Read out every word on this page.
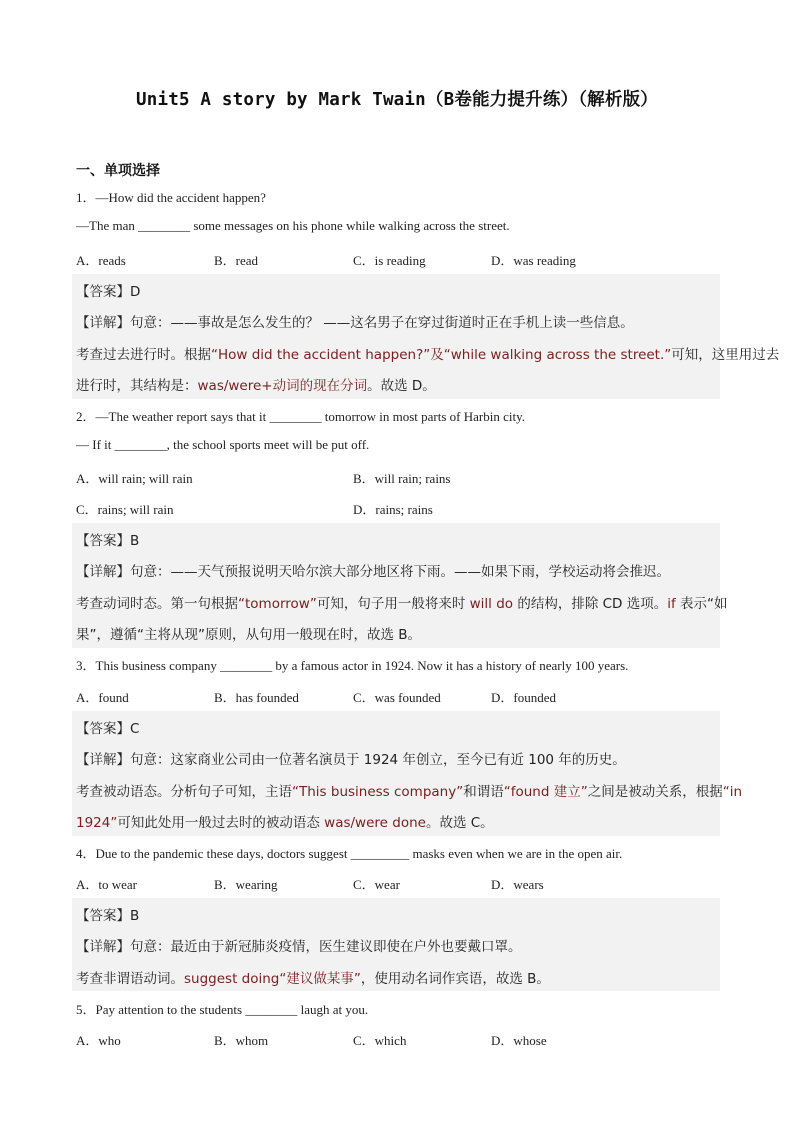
Unit5 A story by Mark Twain（B卷能力提升练）（解析版）
一、单项选择
1．—How did the accident happen?
—The man ________ some messages on his phone while walking across the street.
A．reads	B．read	C．is reading	D．was reading
【答案】D
【详解】句意：——事故是怎么发生的？ ——这名男子在穿过街道时正在手机上读一些信息。
考查过去进行时。根据“How did the accident happen?”及“while walking across the street.”可知，这里用过去
进行时，其结构是：was/were+动词的现在分词。故选 D。
2．—The weather report says that it ________ tomorrow in most parts of Harbin city.
— If it ________, the school sports meet will be put off.
A．will rain; will rain	B．will rain; rains
C．rains; will rain	D．rains; rains
【答案】B
【详解】句意：——天气预报说明天哈尔滨大部分地区将下雨。——如果下雨，学校运动将会推迟。
考查动词时态。第一句根据“tomorrow”可知，句子用一般将来时 will do 的结构，排除 CD 选项。if 表示“如
果”，遵循“主将从现”原则，从句用一般现在时，故选 B。
3．This business company ________ by a famous actor in 1924. Now it has a history of nearly 100 years.
A．found	B．has founded	C．was founded	D．founded
【答案】C
【详解】句意：这家商业公司由一位著名演员于 1924 年创立，至今已有近 100 年的历史。
考查被动语态。分析句子可知，主语“This business company”和谓语“found 建立”之间是被动关系，根据“in
1924”可知此处用一般过去时的被动语态 was/were done。故选 C。
4．Due to the pandemic these days, doctors suggest _________ masks even when we are in the open air.
A．to wear	B．wearing	C．wear	D．wears
【答案】B
【详解】句意：最近由于新冠肺炎疫情，医生建议即使在户外也要戴口罩。
考查非谓语动词。suggest doing“建议做某事”，使用动名词作宾语，故选 B。
5．Pay attention to the students ________ laugh at you.
A．who	B．whom	C．which	D．whose
